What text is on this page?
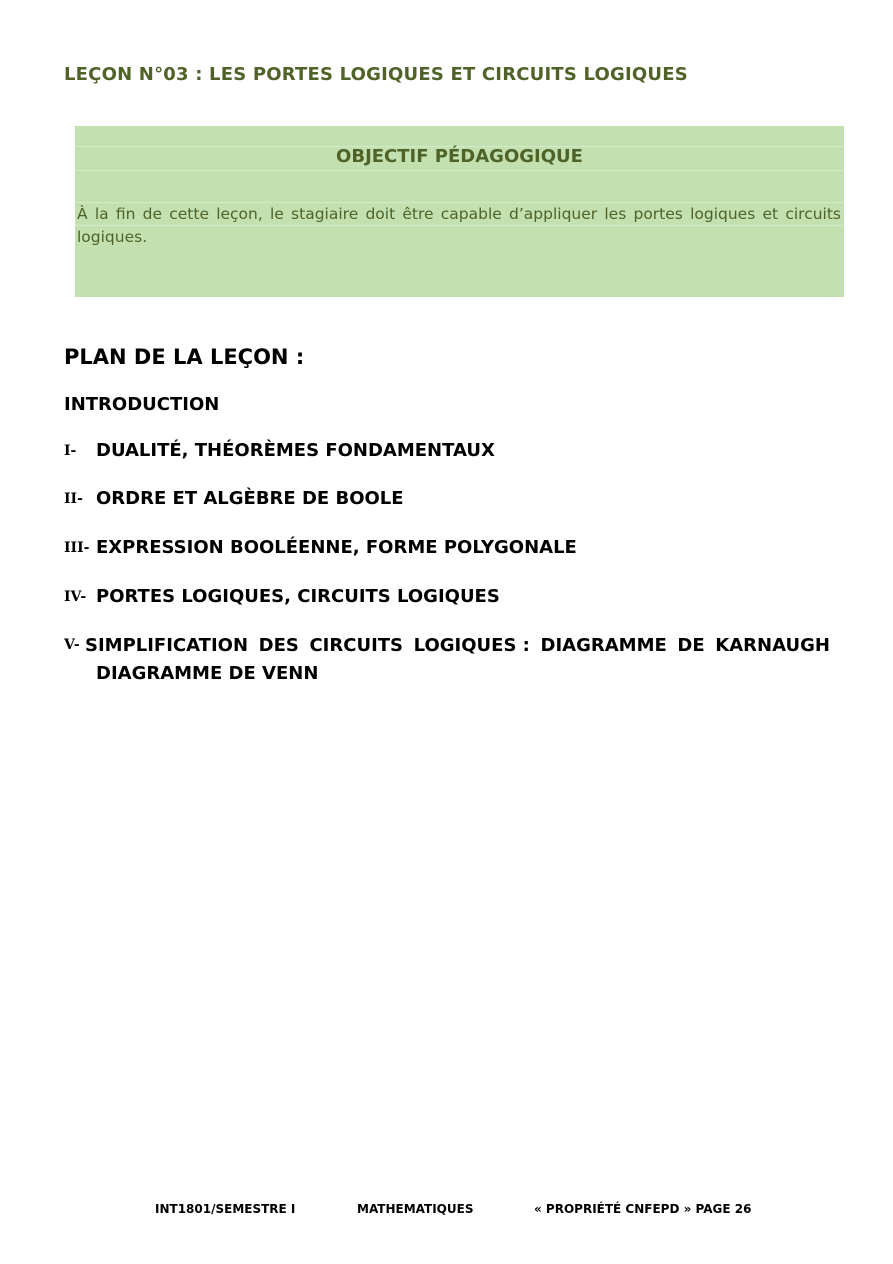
LEÇON N°03 : LES PORTES LOGIQUES ET CIRCUITS LOGIQUES
OBJECTIF PÉDAGOGIQUE
À la fin de cette leçon, le stagiaire doit être capable d’appliquer les portes logiques et circuits logiques.
PLAN DE LA LEÇON :
INTRODUCTION
I- DUALITÉ, THÉORÈMES FONDAMENTAUX
II- ORDRE ET ALGÈBRE DE BOOLE
III- EXPRESSION BOOLÉENNE, FORME POLYGONALE
IV- PORTES LOGIQUES, CIRCUITS LOGIQUES
V- SIMPLIFICATION DES CIRCUITS LOGIQUES : DIAGRAMME DE KARNAUGH
DIAGRAMME DE VENN
INT1801/SEMESTRE I	MATHEMATIQUES	« PROPRIÉTÉ CNFEPD » PAGE 26
